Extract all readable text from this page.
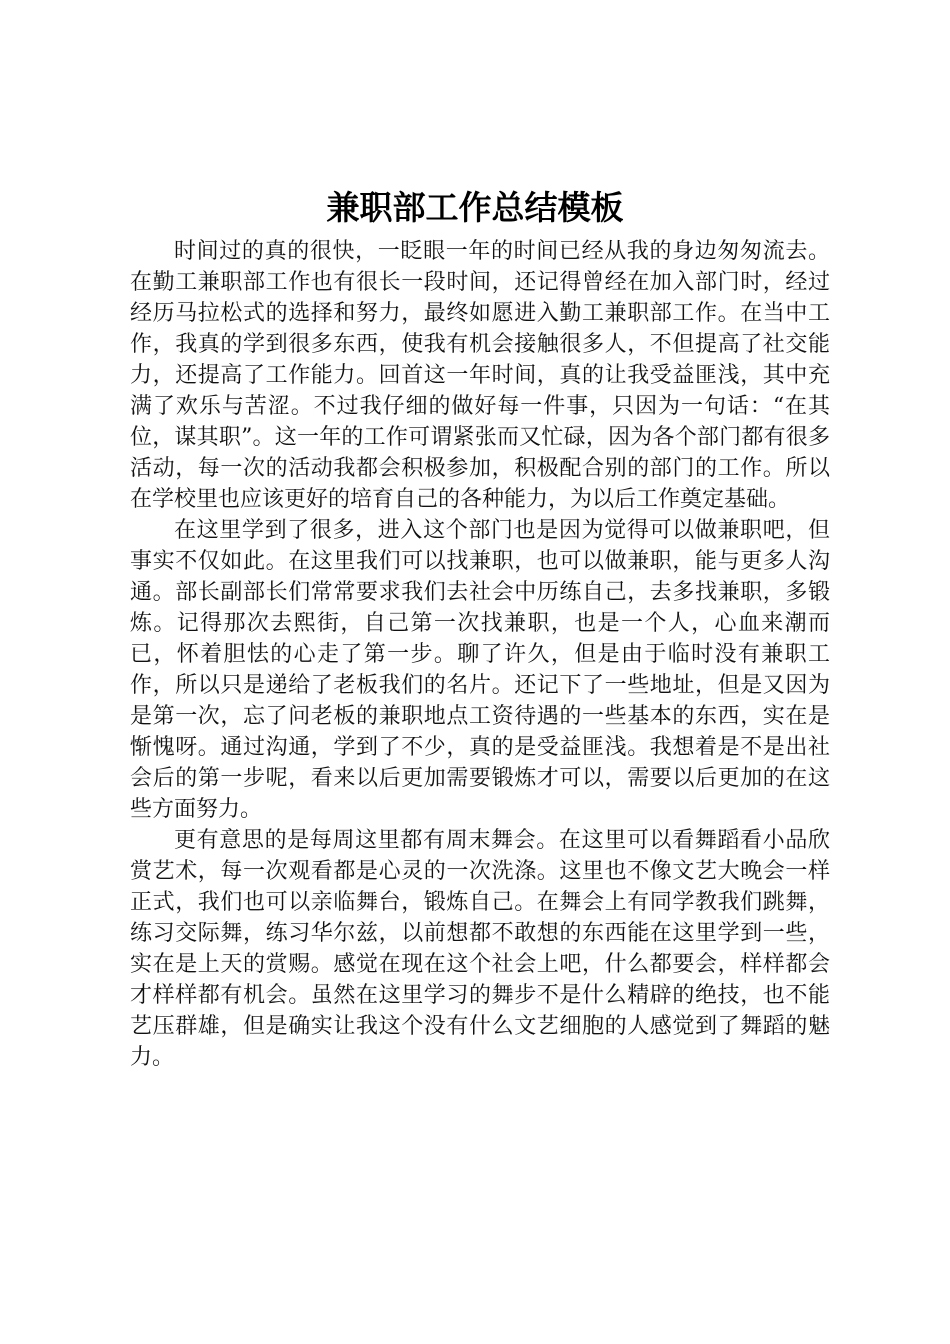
兼职部工作总结模板

时间过的真的很快，一眨眼一年的时间已经从我的身边匆匆流去。在勤工兼职部工作也有很长一段时间，还记得曾经在加入部门时，经过经历马拉松式的选择和努力，最终如愿进入勤工兼职部工作。在当中工作，我真的学到很多东西，使我有机会接触很多人，不但提高了社交能力，还提高了工作能力。回首这一年时间，真的让我受益匪浅，其中充满了欢乐与苦涩。不过我仔细的做好每一件事，只因为一句话：“在其位，谋其职”。这一年的工作可谓紧张而又忙碌，因为各个部门都有很多活动，每一次的活动我都会积极参加，积极配合别的部门的工作。所以在学校里也应该更好的培育自己的各种能力，为以后工作奠定基础。

在这里学到了很多，进入这个部门也是因为觉得可以做兼职吧，但事实不仅如此。在这里我们可以找兼职，也可以做兼职，能与更多人沟通。部长副部长们常常要求我们去社会中历练自己，去多找兼职，多锻炼。记得那次去熙街，自己第一次找兼职，也是一个人，心血来潮而已，怀着胆怯的心走了第一步。聊了许久，但是由于临时没有兼职工作，所以只是递给了老板我们的名片。还记下了一些地址，但是又因为是第一次，忘了问老板的兼职地点工资待遇的一些基本的东西，实在是惭愧呀。通过沟通，学到了不少，真的是受益匪浅。我想着是不是出社会后的第一步呢，看来以后更加需要锻炼才可以，需要以后更加的在这些方面努力。

更有意思的是每周这里都有周末舞会。在这里可以看舞蹈看小品欣赏艺术，每一次观看都是心灵的一次洗涤。这里也不像文艺大晚会一样正式，我们也可以亲临舞台，锻炼自己。在舞会上有同学教我们跳舞，练习交际舞，练习华尔兹，以前想都不敢想的东西能在这里学到一些，实在是上天的赏赐。感觉在现在这个社会上吧，什么都要会，样样都会才样样都有机会。虽然在这里学习的舞步不是什么精辟的绝技，也不能艺压群雄，但是确实让我这个没有什么文艺细胞的人感觉到了舞蹈的魅力。
